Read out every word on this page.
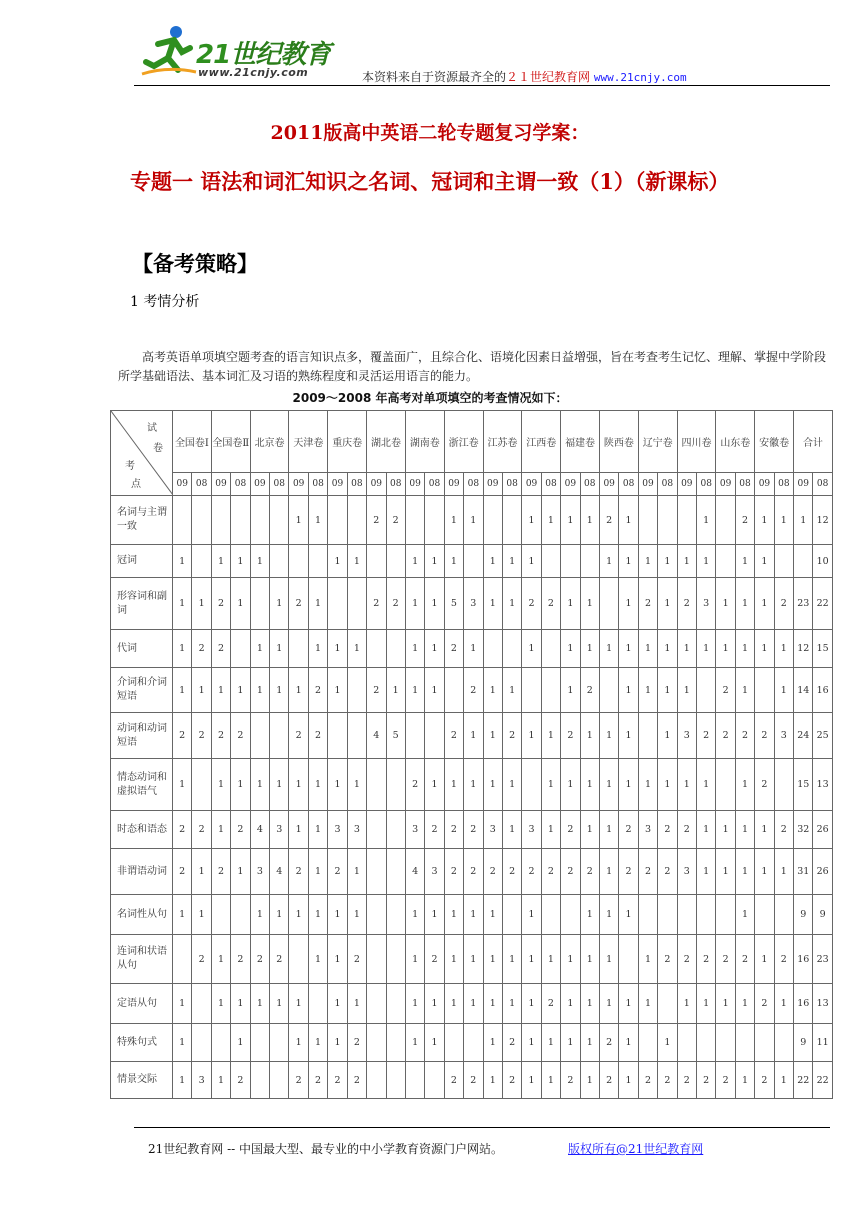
21世纪教育
www.21cnjy.com	本资料来自于资源最齐全的２１世纪教育网 www.21cnjy.com
2011版高中英语二轮专题复习学案：
专题一 语法和词汇知识之名词、冠词和主谓一致（1）（新课标）
【备考策略】
1 考情分析
高考英语单项填空题考查的语言知识点多，覆盖面广，且综合化、语境化因素日益增强，旨在考查考生记忆、理解、掌握中学阶段所学基础语法、基本词汇及习语的熟练程度和灵活运用语言的能力。
2009～2008 年高考对单项填空的考查情况如下：
试
卷
考
点	全国卷Ⅰ		全国卷Ⅱ		北京卷		天津卷		重庆卷		湖北卷		湖南卷		浙江卷		江苏卷		江西卷		福建卷		陕西卷		辽宁卷		四川卷		山东卷		安徽卷		合计		
	09	08	09	08	09	08	09	08	09	08	09	08	09	08	09	08	09	08	09	08	09	08	09	08	09	08	09	08	09	08	09	08	09	08	
名词与主谓一致							1	1			2	2			1	1			1	1	1	1	2	1				1		2	1	1	1	12	
冠词	1		1	1	1				1	1			1	1	1		1	1	1				1	1	1	1	1	1		1	1			10	
形容词和副词	1	1	2	1		1	2	1			2	2	1	1	5	3	1	1	2	2	1	1		1	2	1	2	3	1	1	1	2	23	22	
代词	1	2	2		1	1		1	1	1			1	1	2	1			1		1	1	1	1	1	1	1	1	1	1	1	1	12	15	
介词和介词短语	1	1	1	1	1	1	1	2	1		2	1	1	1		2	1	1			1	2		1	1	1	1		2	1		1	14	16	
动词和动词短语	2	2	2	2			2	2			4	5			2	1	1	2	1	1	2	1	1	1		1	3	2	2	2	2	3	24	25	
情态动词和虚拟语气	1		1	1	1	1	1	1	1	1			2	1	1	1	1	1		1	1	1	1	1	1	1	1	1		1	2		15	13	
时态和语态	2	2	1	2	4	3	1	1	3	3			3	2	2	2	3	1	3	1	2	1	1	2	3	2	2	1	1	1	1	2	32	26	
非谓语动词	2	1	2	1	3	4	2	1	2	1			4	3	2	2	2	2	2	2	2	2	1	2	2	2	3	1	1	1	1	1	31	26	
名词性从句	1	1			1	1	1	1	1	1			1	1	1	1	1		1			1	1	1						1			9	9	
连词和状语从句		2	1	2	2	2		1	1	2			1	2	1	1	1	1	1	1	1	1	1		1	2	2	2	2	2	1	2	16	23	
定语从句	1		1	1	1	1	1		1	1			1	1	1	1	1	1	1	2	1	1	1	1	1		1	1	1	1	2	1	16	13	
特殊句式	1			1			1	1	1	2			1	1			1	2	1	1	1	1	2	1		1							9	11	
情景交际	1	3	1	2			2	2	2	2					2	2	1	2	1	1	2	1	2	1	2	2	2	2	2	1	2	1	22	22	
21世纪教育网 -- 中国最大型、最专业的中小学教育资源门户网站。	版权所有@21世纪教育网
